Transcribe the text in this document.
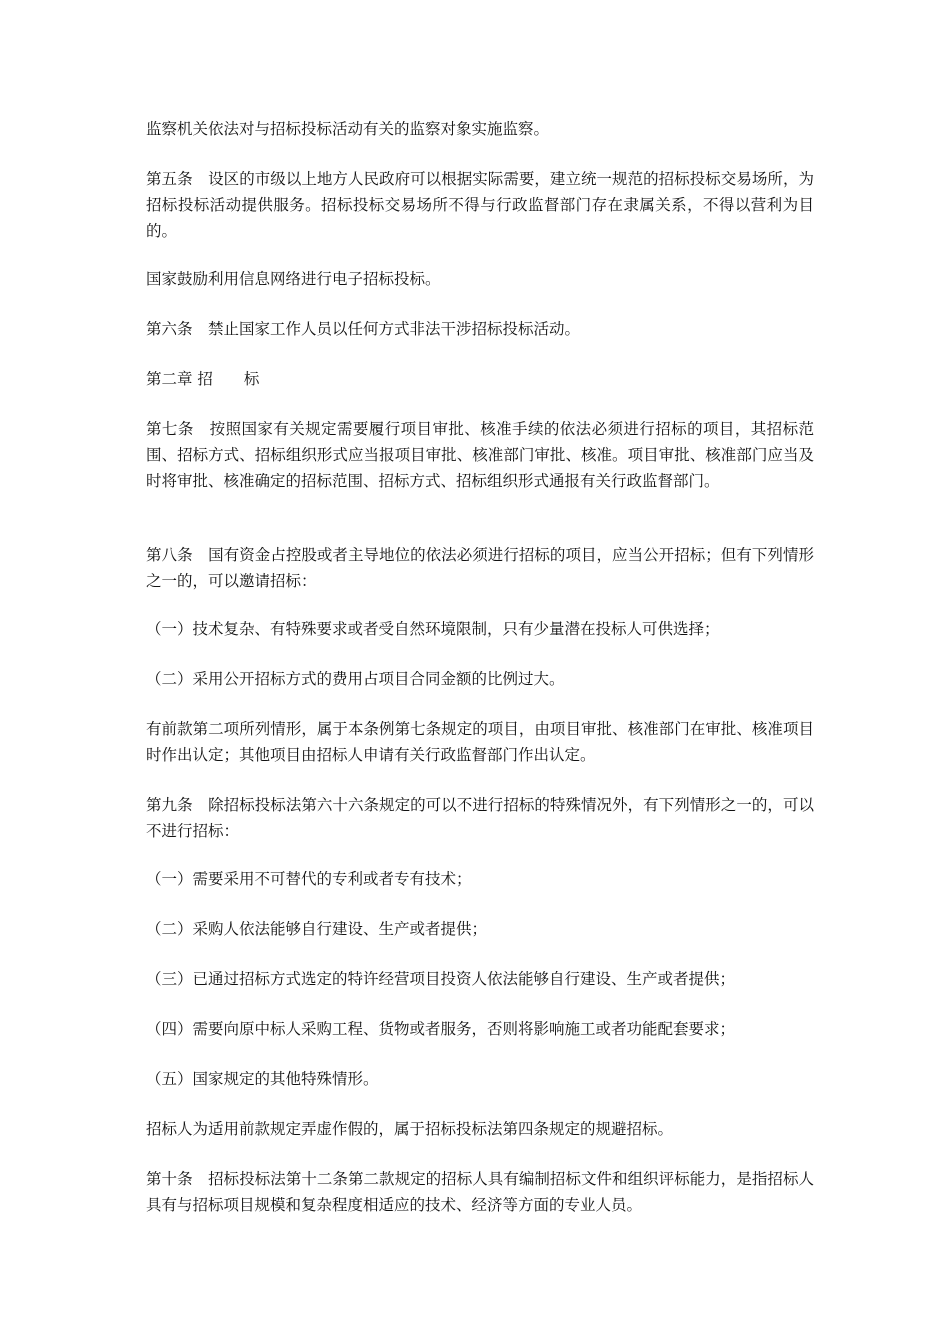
监察机关依法对与招标投标活动有关的监察对象实施监察。

第五条　设区的市级以上地方人民政府可以根据实际需要，建立统一规范的招标投标交易场所，为招标投标活动提供服务。招标投标交易场所不得与行政监督部门存在隶属关系，不得以营利为目的。

国家鼓励利用信息网络进行电子招标投标。

第六条　禁止国家工作人员以任何方式非法干涉招标投标活动。

第二章 招　　标

第七条　按照国家有关规定需要履行项目审批、核准手续的依法必须进行招标的项目，其招标范围、招标方式、招标组织形式应当报项目审批、核准部门审批、核准。项目审批、核准部门应当及时将审批、核准确定的招标范围、招标方式、招标组织形式通报有关行政监督部门。

第八条　国有资金占控股或者主导地位的依法必须进行招标的项目，应当公开招标；但有下列情形之一的，可以邀请招标：

（一）技术复杂、有特殊要求或者受自然环境限制，只有少量潜在投标人可供选择；

（二）采用公开招标方式的费用占项目合同金额的比例过大。

有前款第二项所列情形，属于本条例第七条规定的项目，由项目审批、核准部门在审批、核准项目时作出认定；其他项目由招标人申请有关行政监督部门作出认定。

第九条　除招标投标法第六十六条规定的可以不进行招标的特殊情况外，有下列情形之一的，可以不进行招标：

（一）需要采用不可替代的专利或者专有技术；

（二）采购人依法能够自行建设、生产或者提供；

（三）已通过招标方式选定的特许经营项目投资人依法能够自行建设、生产或者提供；

（四）需要向原中标人采购工程、货物或者服务，否则将影响施工或者功能配套要求；

（五）国家规定的其他特殊情形。

招标人为适用前款规定弄虚作假的，属于招标投标法第四条规定的规避招标。

第十条　招标投标法第十二条第二款规定的招标人具有编制招标文件和组织评标能力，是指招标人具有与招标项目规模和复杂程度相适应的技术、经济等方面的专业人员。
